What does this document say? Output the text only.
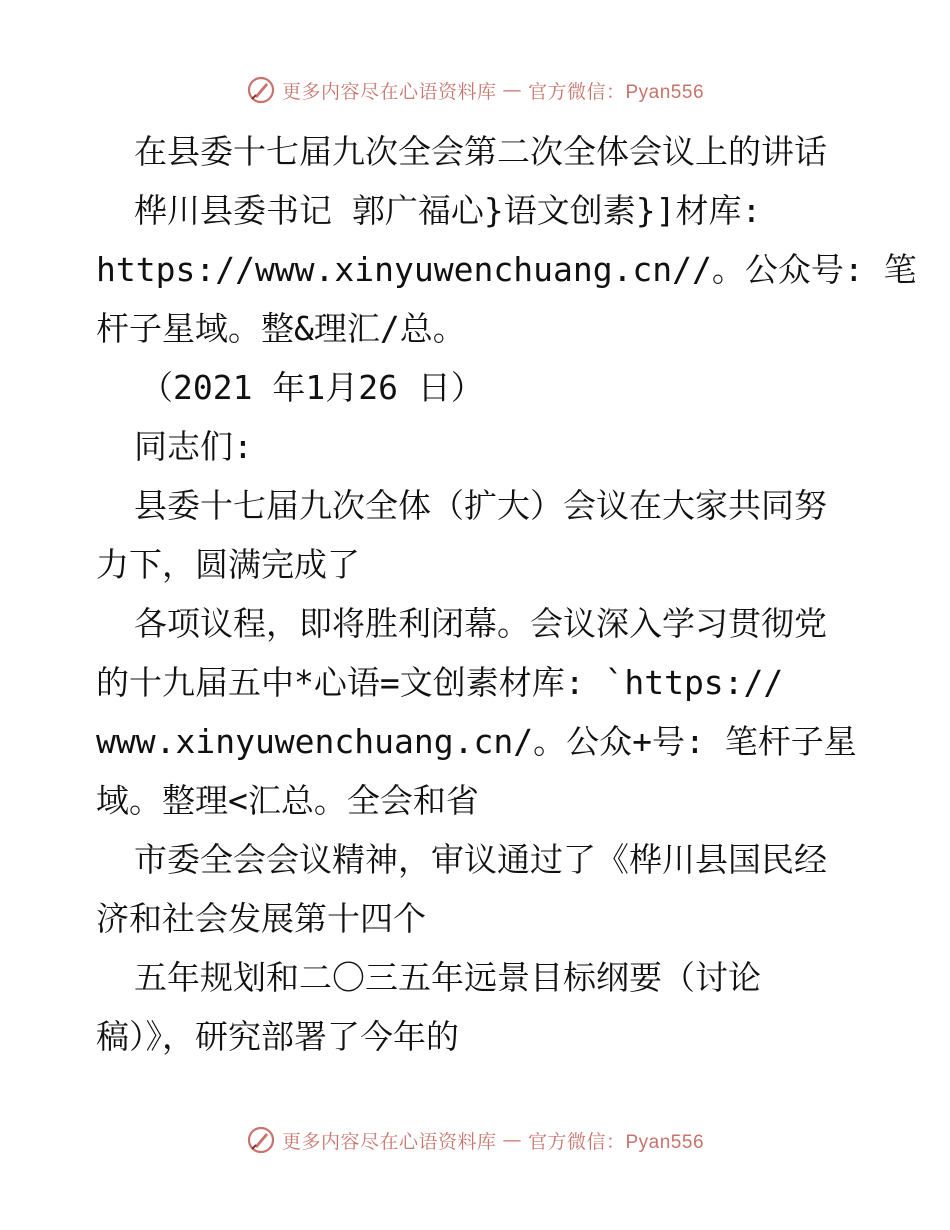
更多内容尽在心语资料库 — 官方微信：Pyan556
在县委十七届九次全会第二次全体会议上的讲话
桦川县委书记 郭广福心}语文创素}]材库:
https://www.xinyuwenchuang.cn//。公众号: 笔
杆子星域。整&理汇/总。
（2021 年1月26 日）
同志们:
县委十七届九次全体（扩大）会议在大家共同努
力下，圆满完成了
各项议程，即将胜利闭幕。会议深入学习贯彻党
的十九届五中*心语=文创素材库: `https://
www.xinyuwenchuang.cn/。公众+号: 笔杆子星
域。整理<汇总。全会和省
市委全会会议精神，审议通过了《桦川县国民经
济和社会发展第十四个
五年规划和二〇三五年远景目标纲要（讨论
稿）》，研究部署了今年的
更多内容尽在心语资料库 — 官方微信：Pyan556
